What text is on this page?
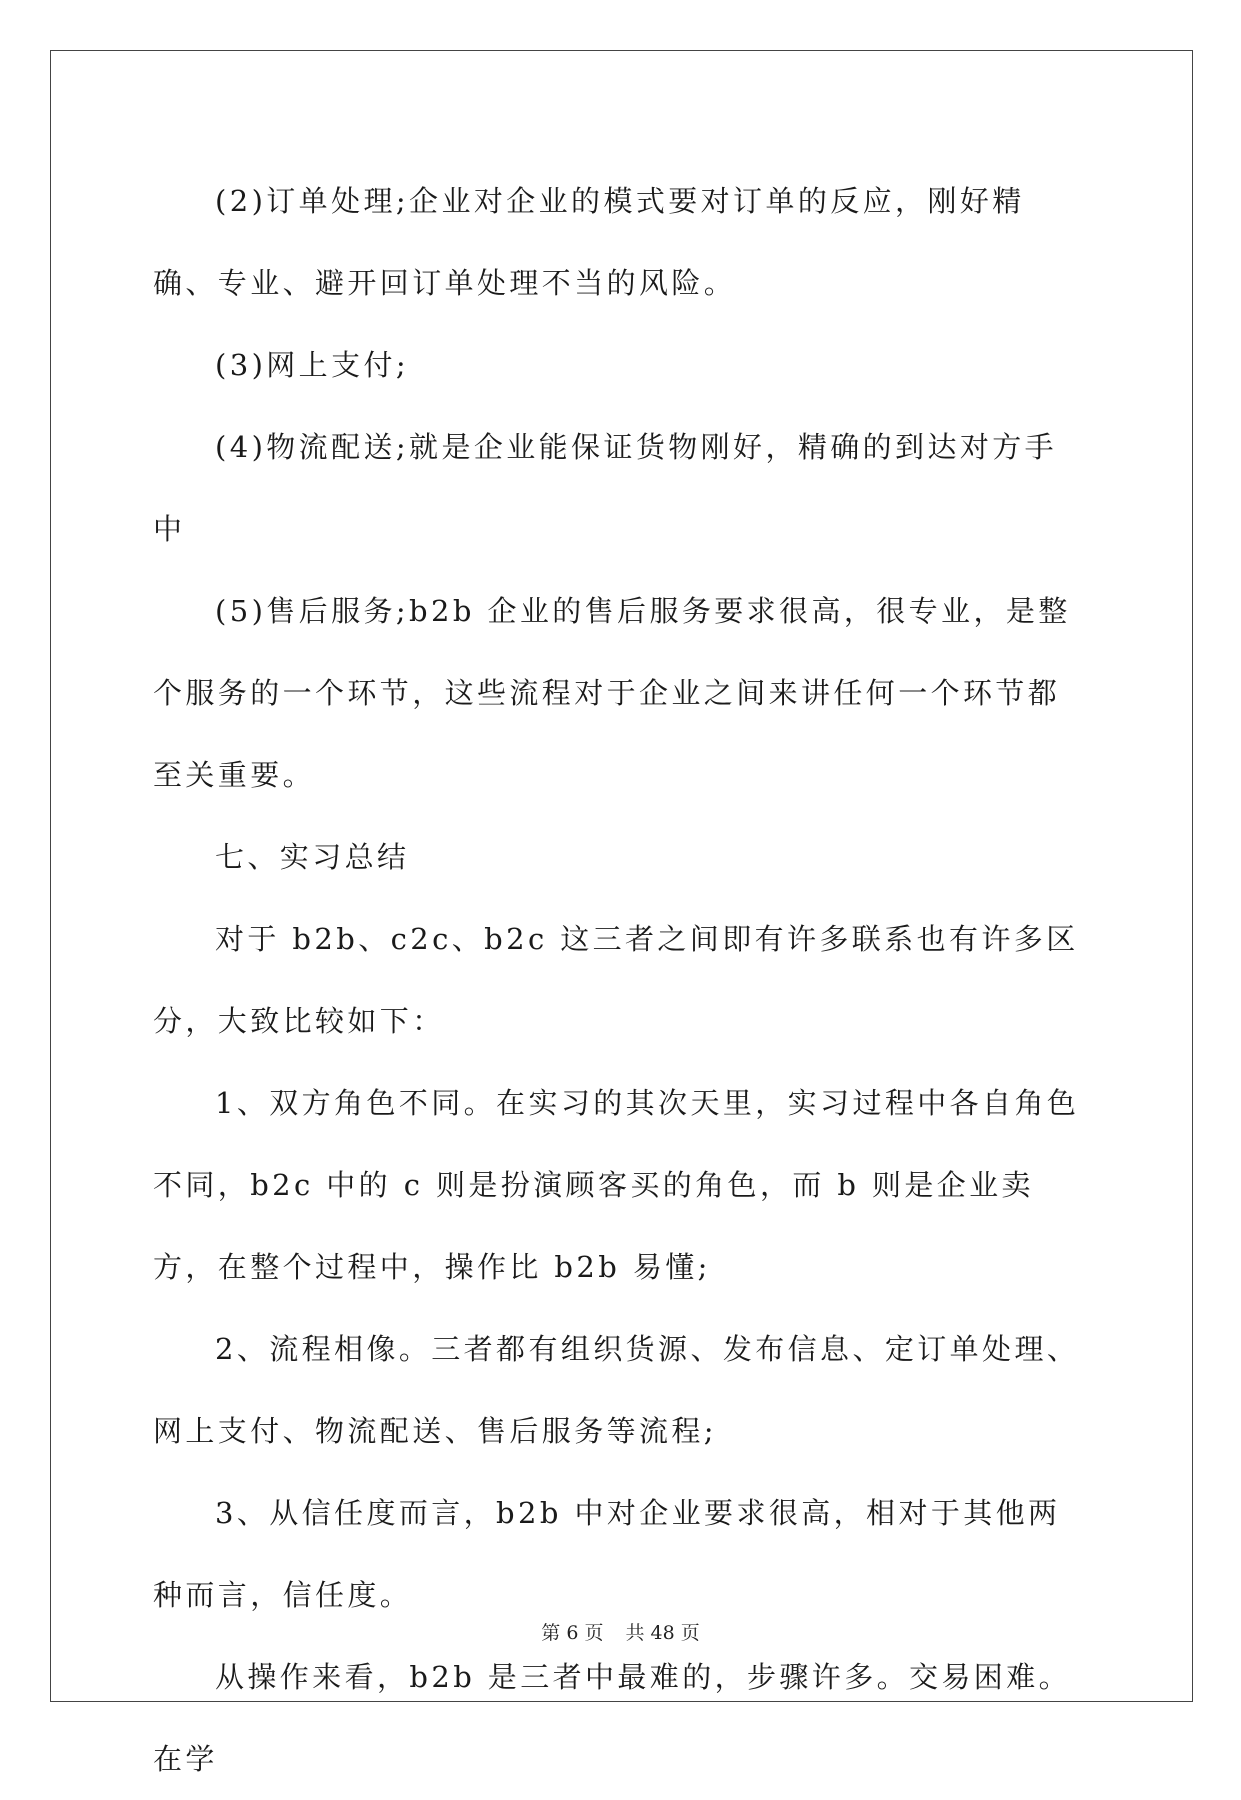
(2)订单处理;企业对企业的模式要对订单的反应，刚好精确、专业、避开回订单处理不当的风险。

(3)网上支付;

(4)物流配送;就是企业能保证货物刚好，精确的到达对方手中

(5)售后服务;b2b 企业的售后服务要求很高，很专业，是整个服务的一个环节，这些流程对于企业之间来讲任何一个环节都至关重要。

七、实习总结

对于 b2b、c2c、b2c 这三者之间即有许多联系也有许多区分，大致比较如下：

1、双方角色不同。在实习的其次天里，实习过程中各自角色不同，b2c 中的 c 则是扮演顾客买的角色，而 b 则是企业卖方，在整个过程中，操作比 b2b 易懂;

2、流程相像。三者都有组织货源、发布信息、定订单处理、网上支付、物流配送、售后服务等流程;

3、从信任度而言，b2b 中对企业要求很高，相对于其他两种而言，信任度。

从操作来看，b2b 是三者中最难的，步骤许多。交易困难。在学

第 6 页 共 48 页
